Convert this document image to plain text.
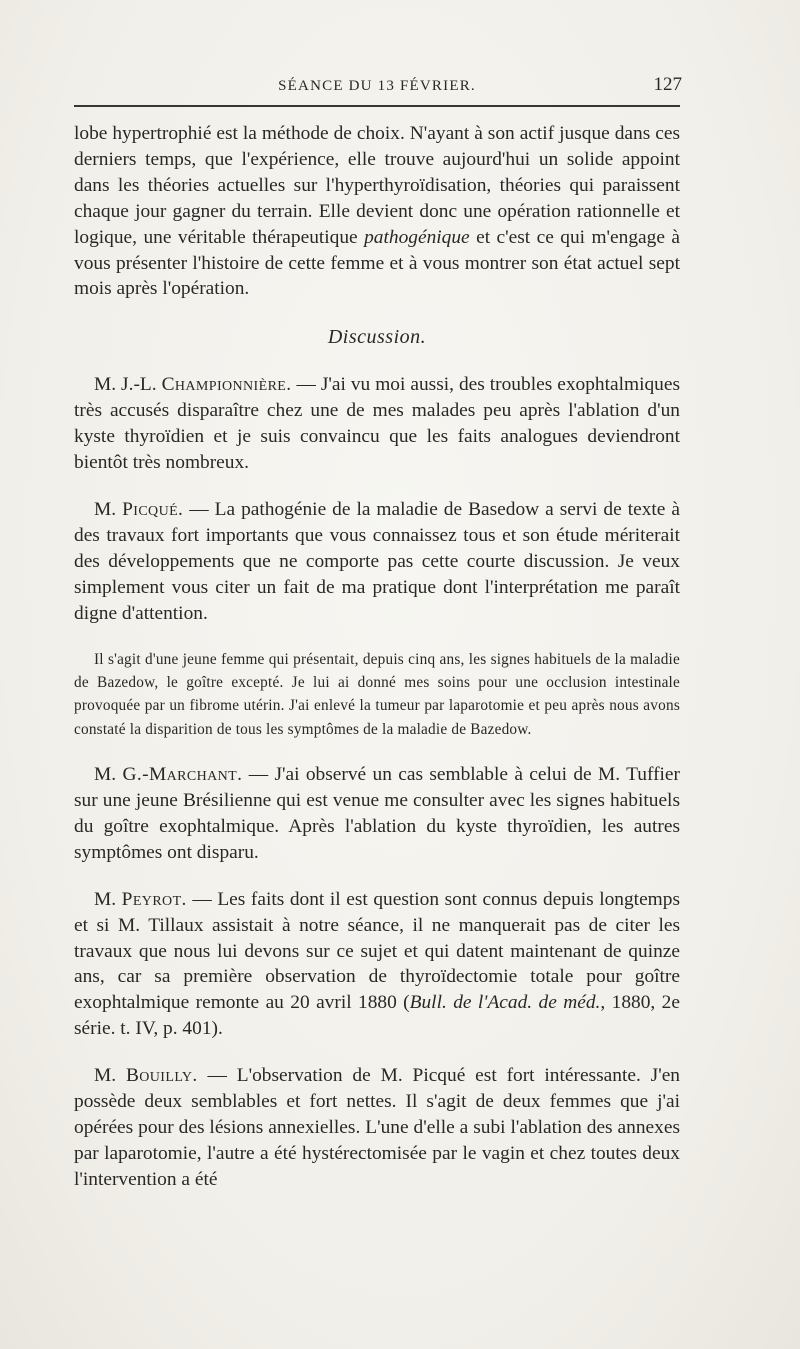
SÉANCE DU 13 FÉVRIER.	127

lobe hypertrophié est la méthode de choix. N'ayant à son actif jusque dans ces derniers temps, que l'expérience, elle trouve aujourd'hui un solide appoint dans les théories actuelles sur l'hyperthyroïdisation, théories qui paraissent chaque jour gagner du terrain. Elle devient donc une opération rationnelle et logique, une véritable thérapeutique pathogénique et c'est ce qui m'engage à vous présenter l'histoire de cette femme et à vous montrer son état actuel sept mois après l'opération.

Discussion.

M. J.-L. Championnière. — J'ai vu moi aussi, des troubles exophtalmiques très accusés disparaître chez une de mes malades peu après l'ablation d'un kyste thyroïdien et je suis convaincu que les faits analogues deviendront bientôt très nombreux.

M. Picqué. — La pathogénie de la maladie de Basedow a servi de texte à des travaux fort importants que vous connaissez tous et son étude mériterait des développements que ne comporte pas cette courte discussion. Je veux simplement vous citer un fait de ma pratique dont l'interprétation me paraît digne d'attention.

Il s'agit d'une jeune femme qui présentait, depuis cinq ans, les signes habituels de la maladie de Bazedow, le goître excepté. Je lui ai donné mes soins pour une occlusion intestinale provoquée par un fibrome utérin. J'ai enlevé la tumeur par laparotomie et peu après nous avons constaté la disparition de tous les symptômes de la maladie de Bazedow.

M. G.-Marchant. — J'ai observé un cas semblable à celui de M. Tuffier sur une jeune Brésilienne qui est venue me consulter avec les signes habituels du goître exophtalmique. Après l'ablation du kyste thyroïdien, les autres symptômes ont disparu.

M. Peyrot. — Les faits dont il est question sont connus depuis longtemps et si M. Tillaux assistait à notre séance, il ne manquerait pas de citer les travaux que nous lui devons sur ce sujet et qui datent maintenant de quinze ans, car sa première observation de thyroïdectomie totale pour goître exophtalmique remonte au 20 avril 1880 (Bull. de l'Acad. de méd., 1880, 2e série. t. IV, p. 401).

M. Bouilly. — L'observation de M. Picqué est fort intéressante. J'en possède deux semblables et fort nettes. Il s'agit de deux femmes que j'ai opérées pour des lésions annexielles. L'une d'elle a subi l'ablation des annexes par laparotomie, l'autre a été hystérectomisée par le vagin et chez toutes deux l'intervention a été
